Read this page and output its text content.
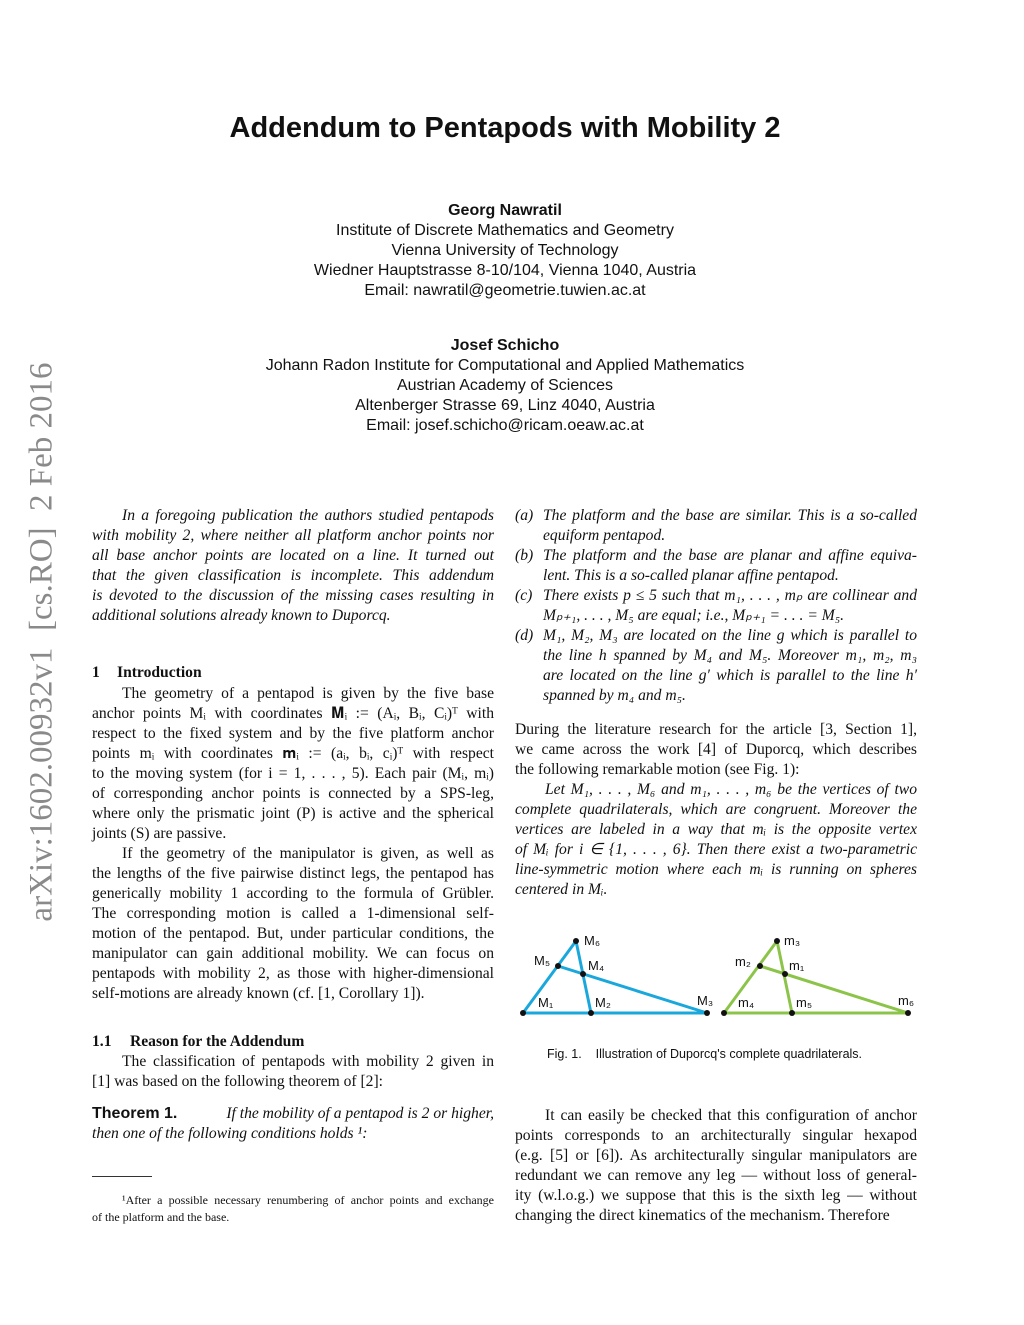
Addendum to Pentapods with Mobility 2
Georg Nawratil
Institute of Discrete Mathematics and Geometry
Vienna University of Technology
Wiedner Hauptstrasse 8-10/104, Vienna 1040, Austria
Email: nawratil@geometrie.tuwien.ac.at
Josef Schicho
Johann Radon Institute for Computational and Applied Mathematics
Austrian Academy of Sciences
Altenberger Strasse 69, Linz 4040, Austria
Email: josef.schicho@ricam.oeaw.ac.at
arXiv:1602.00932v1  [cs.RO]  2 Feb 2016	In a foregoing publication the authors studied pentapods
with mobility 2, where neither all platform anchor points nor
all base anchor points are located on a line. It turned out
that the given classification is incomplete. This addendum
is devoted to the discussion of the missing cases resulting in
additional solutions already known to Duporcq.
1 Introduction
The geometry of a pentapod is given by the five base
anchor points Mᵢ with coordinates 𝐌ᵢ := (Aᵢ, Bᵢ, Cᵢ)ᵀ with
respect to the fixed system and by the five platform anchor
points mᵢ with coordinates 𝐦ᵢ := (aᵢ, bᵢ, cᵢ)ᵀ with respect
to the moving system (for i = 1, . . . , 5). Each pair (Mᵢ, mᵢ)
of corresponding anchor points is connected by a SPS-leg,
where only the prismatic joint (P) is active and the spherical
joints (S) are passive.
If the geometry of the manipulator is given, as well as
the lengths of the five pairwise distinct legs, the pentapod has
generically mobility 1 according to the formula of Grübler.
The corresponding motion is called a 1-dimensional self-
motion of the pentapod. But, under particular conditions, the
manipulator can gain additional mobility. We can focus on
pentapods with mobility 2, as those with higher-dimensional
self-motions are already known (cf. [1, Corollary 1]).
1.1 Reason for the Addendum
The classification of pentapods with mobility 2 given in
[1] was based on the following theorem of [2]:
Theorem 1.	If the mobility of a pentapod is 2 or higher,
then one of the following conditions holds ¹:
¹After a possible necessary renumbering of anchor points and exchange
of the platform and the base.
(a) The platform and the base are similar. This is a so-called
equiform pentapod.
(b) The platform and the base are planar and affine equiva-
lent. This is a so-called planar affine pentapod.
(c) There exists p ≤ 5 such that m₁, . . . , mₚ are collinear and
Mₚ₊₁, . . . , M₅ are equal; i.e., Mₚ₊₁ = . . . = M₅.
(d) M₁, M₂, M₃ are located on the line g which is parallel to
the line h spanned by M₄ and M₅. Moreover m₁, m₂, m₃
are located on the line g′ which is parallel to the line h′
spanned by m₄ and m₅.
During the literature research for the article [3, Section 1],
we came across the work [4] of Duporcq, which describes
the following remarkable motion (see Fig. 1):
Let M₁, . . . , M₆ and m₁, . . . , m₆ be the vertices of two
complete quadrilaterals, which are congruent. Moreover the
vertices are labeled in a way that mᵢ is the opposite vertex
of Mᵢ for i ∈ {1, . . . , 6}. Then there exist a two-parametric
line-symmetric motion where each mᵢ is running on spheres
centered in Mᵢ.
M₁	M₂	M₃
M₄
M₅
M₆
m₄	m₅	m₆
m₁
m₂
m₃
Fig. 1.    Illustration of Duporcq's complete quadrilaterals.
It can easily be checked that this configuration of anchor
points corresponds to an architecturally singular hexapod
(e.g. [5] or [6]). As architecturally singular manipulators are
redundant we can remove any leg — without loss of general-
ity (w.l.o.g.) we suppose that this is the sixth leg — without
changing the direct kinematics of the mechanism. Therefore
